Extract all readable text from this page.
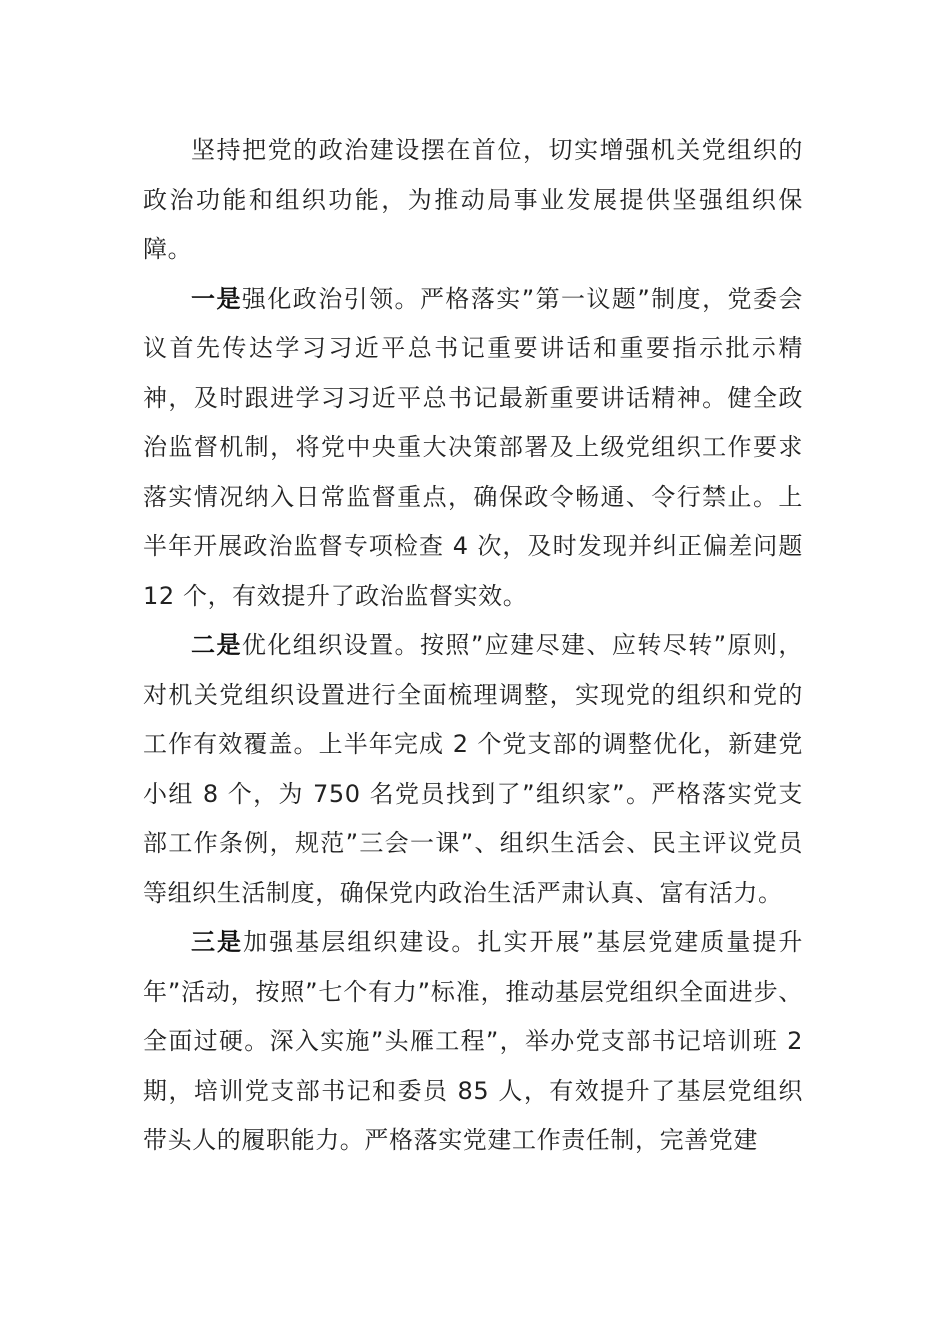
坚持把党的政治建设摆在首位，切实增强机关党组织的政治功能和组织功能，为推动局事业发展提供坚强组织保障。

一是强化政治引领。严格落实”第一议题”制度，党委会议首先传达学习习近平总书记重要讲话和重要指示批示精神，及时跟进学习习近平总书记最新重要讲话精神。健全政治监督机制，将党中央重大决策部署及上级党组织工作要求落实情况纳入日常监督重点，确保政令畅通、令行禁止。上半年开展政治监督专项检查 4 次，及时发现并纠正偏差问题 12 个，有效提升了政治监督实效。

二是优化组织设置。按照”应建尽建、应转尽转”原则，对机关党组织设置进行全面梳理调整，实现党的组织和党的工作有效覆盖。上半年完成 2 个党支部的调整优化，新建党小组 8 个，为 750 名党员找到了”组织家”。严格落实党支部工作条例，规范”三会一课”、组织生活会、民主评议党员等组织生活制度，确保党内政治生活严肃认真、富有活力。

三是加强基层组织建设。扎实开展”基层党建质量提升年”活动，按照”七个有力”标准，推动基层党组织全面进步、全面过硬。深入实施”头雁工程”，举办党支部书记培训班 2 期，培训党支部书记和委员 85 人，有效提升了基层党组织带头人的履职能力。严格落实党建工作责任制，完善党建
